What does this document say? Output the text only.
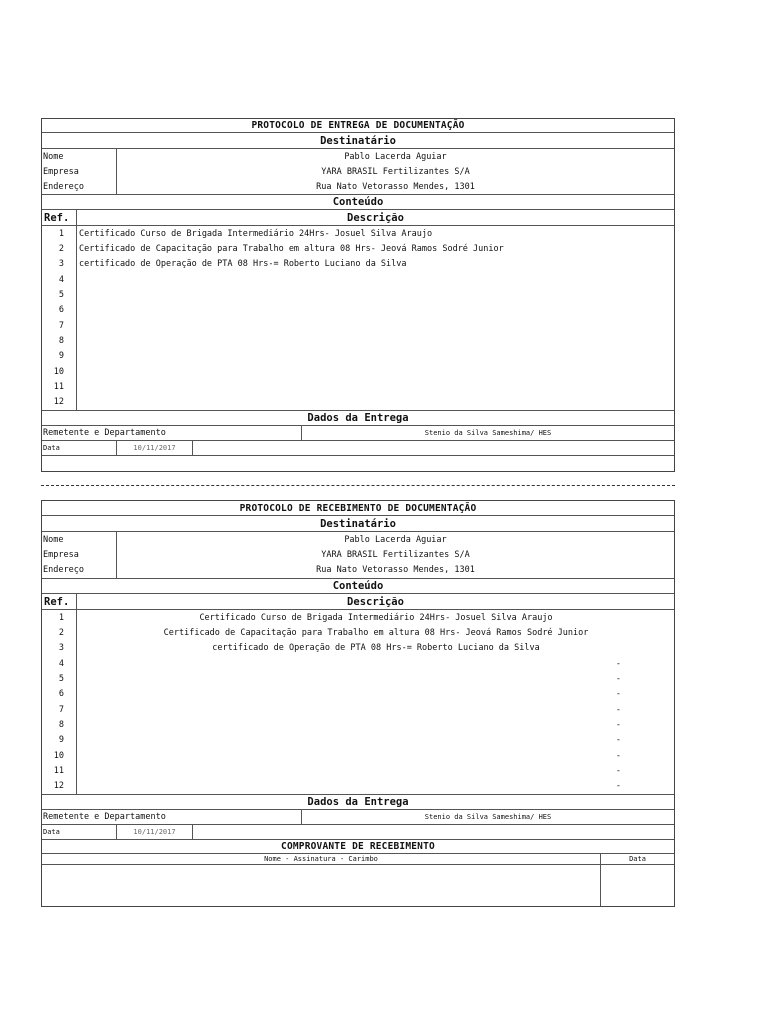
PROTOCOLO DE ENTREGA DE DOCUMENTAÇÃO
Destinatário
Nome	Pablo Lacerda Aguiar
Empresa	YARA BRASIL Fertilizantes S/A
Endereço	Rua Nato Vetorasso Mendes, 1301
Conteúdo
Ref.	Descrição
1 Certificado Curso de Brigada Intermediário 24Hrs- Josuel Silva Araujo
2 Certificado de Capacitação para Trabalho em altura 08 Hrs- Jeová Ramos Sodré Junior
3 certificado de Operação de PTA 08 Hrs-= Roberto Luciano da Silva
4
5
6
7
8
9
10
11
12
Dados da Entrega
Remetente e Departamento	Stenio da Silva Sameshima/ HES
Data	10/11/2017
PROTOCOLO DE RECEBIMENTO DE DOCUMENTAÇÃO
Destinatário
Nome	Pablo Lacerda Aguiar
Empresa	YARA BRASIL Fertilizantes S/A
Endereço	Rua Nato Vetorasso Mendes, 1301
Conteúdo
Ref.	Descrição
1	Certificado Curso de Brigada Intermediário 24Hrs- Josuel Silva Araujo
2	Certificado de Capacitação para Trabalho em altura 08 Hrs- Jeová Ramos Sodré Junior
3	certificado de Operação de PTA 08 Hrs-= Roberto Luciano da Silva
4	-
5	-
6	-
7	-
8	-
9	-
10	-
11	-
12	-
Dados da Entrega
Remetente e Departamento	Stenio da Silva Sameshima/ HES
Data	10/11/2017
COMPROVANTE DE RECEBIMENTO
Nome - Assinatura - Carimbo	Data
